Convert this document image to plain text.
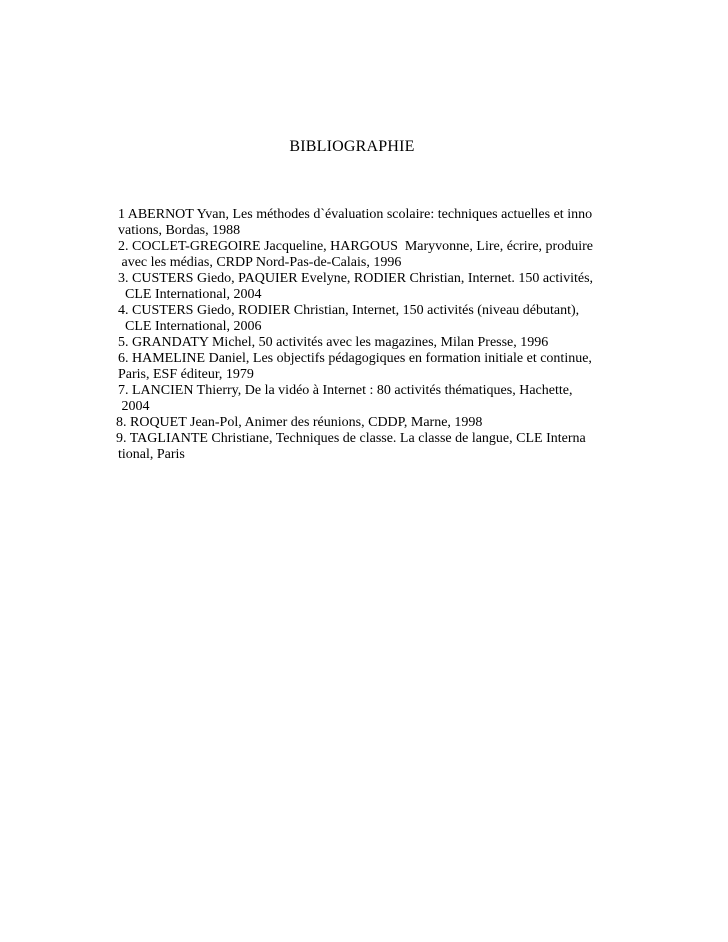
BIBLIOGRAPHIE
1 ABERNOT Yvan, Les méthodes d`évaluation scolaire: techniques actuelles et inno
vations, Bordas, 1988
2. COCLET-GREGOIRE Jacqueline, HARGOUS  Maryvonne, Lire, écrire, produire
avec les médias, CRDP Nord-Pas-de-Calais, 1996
3. CUSTERS Giedo, PAQUIER Evelyne, RODIER Christian, Internet. 150 activités,
CLE International, 2004
4. CUSTERS Giedo, RODIER Christian, Internet, 150 activités (niveau débutant),
CLE International, 2006
5. GRANDATY Michel, 50 activités avec les magazines, Milan Presse, 1996
6. HAMELINE Daniel, Les objectifs pédagogiques en formation initiale et continue,
Paris, ESF éditeur, 1979
7. LANCIEN Thierry, De la vidéo à Internet : 80 activités thématiques, Hachette,
2004
8. ROQUET Jean-Pol, Animer des réunions, CDDP, Marne, 1998
9. TAGLIANTE Christiane, Techniques de classe. La classe de langue, CLE Interna
tional, Paris
